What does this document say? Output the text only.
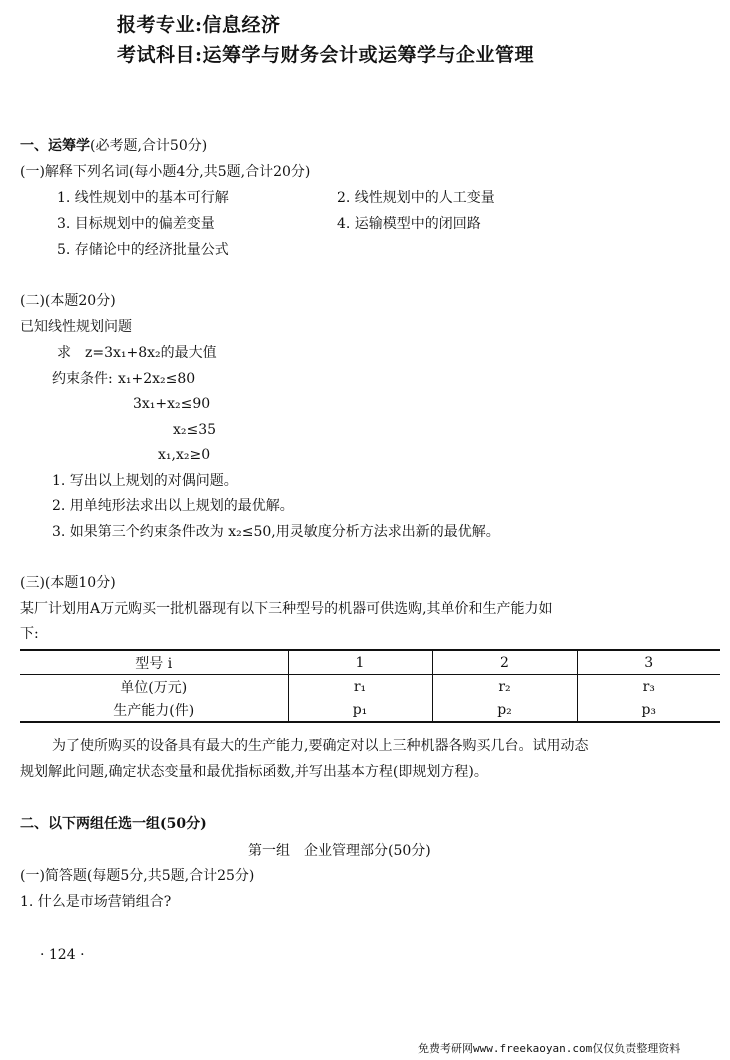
报考专业:信息经济
考试科目:运筹学与财务会计或运筹学与企业管理
一、运筹学(必考题,合计50分)
(一)解释下列名词(每小题4分,共5题,合计20分)
1. 线性规划中的基本可行解	2. 线性规划中的人工变量
3. 目标规划中的偏差变量	4. 运输模型中的闭回路
5. 存储论中的经济批量公式
(二)(本题20分)
已知线性规划问题
求　z=3x₁+8x₂的最大值
约束条件: x₁+2x₂≤80
3x₁+x₂≤90
x₂≤35
x₁,x₂≥0
1. 写出以上规划的对偶问题。
2. 用单纯形法求出以上规划的最优解。
3. 如果第三个约束条件改为 x₂≤50,用灵敏度分析方法求出新的最优解。
(三)(本题10分)
某厂计划用A万元购买一批机器现有以下三种型号的机器可供选购,其单价和生产能力如
下:
型号 i	1	2	3
单位(万元)	r₁	r₂	r₃
生产能力(件)	p₁	p₂	p₃
为了使所购买的设备具有最大的生产能力,要确定对以上三种机器各购买几台。试用动态
规划解此问题,确定状态变量和最优指标函数,并写出基本方程(即规划方程)。
二、以下两组任选一组(50分)
第一组　企业管理部分(50分)
(一)简答题(每题5分,共5题,合计25分)
1. 什么是市场营销组合?
· 124 ·
免费考研网www.freekaoyan.com仅仅负责整理资料
